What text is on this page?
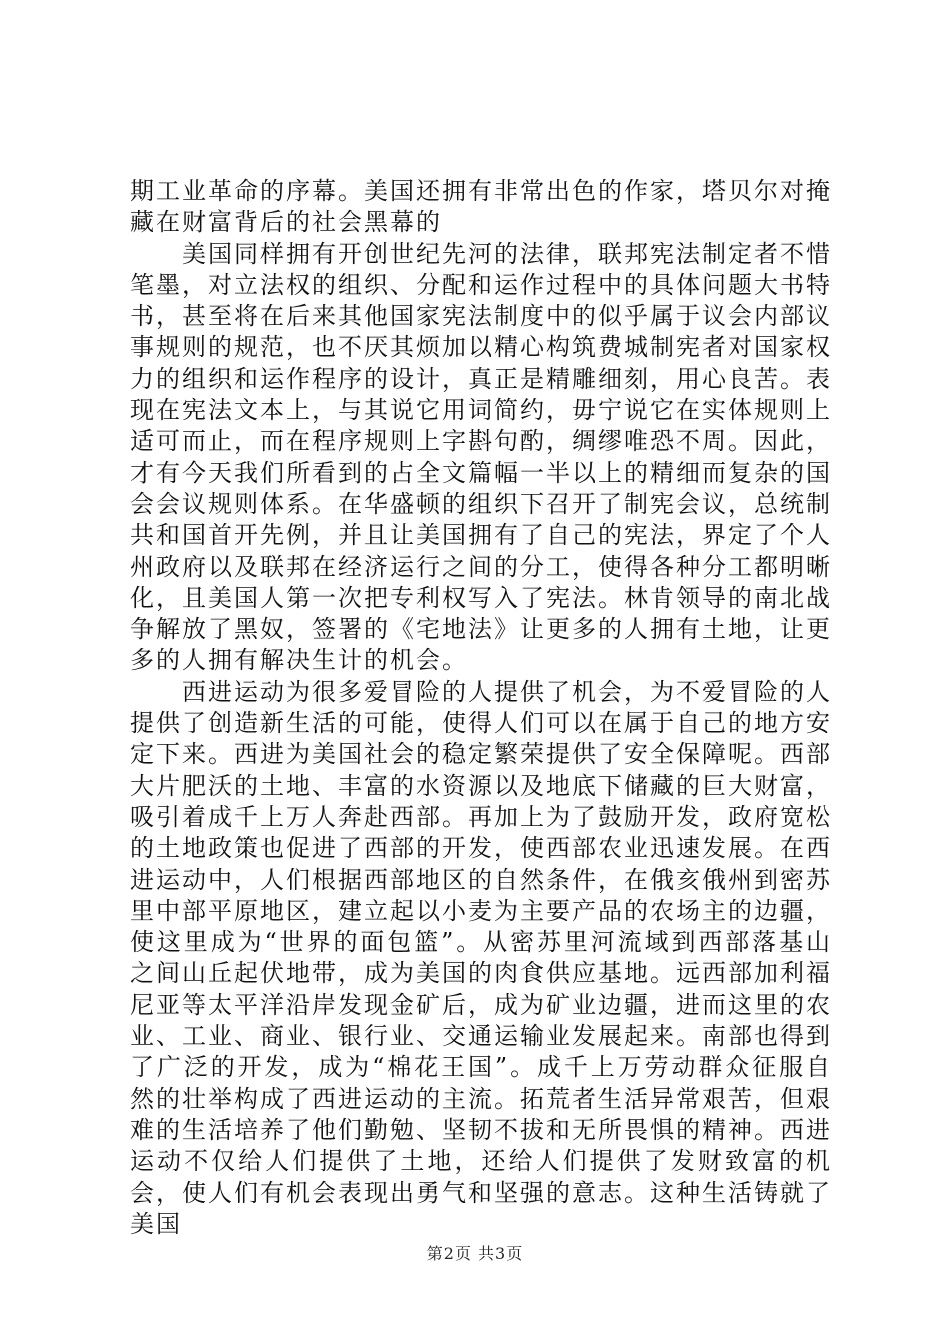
期工业革命的序幕。美国还拥有非常出色的作家，塔贝尔对掩藏在财富背后的社会黑幕的

美国同样拥有开创世纪先河的法律，联邦宪法制定者不惜笔墨，对立法权的组织、分配和运作过程中的具体问题大书特书，甚至将在后来其他国家宪法制度中的似乎属于议会内部议事规则的规范，也不厌其烦加以精心构筑费城制宪者对国家权力的组织和运作程序的设计，真正是精雕细刻，用心良苦。表现在宪法文本上，与其说它用词简约，毋宁说它在实体规则上适可而止，而在程序规则上字斟句酌，绸缪唯恐不周。因此，才有今天我们所看到的占全文篇幅一半以上的精细而复杂的国会会议规则体系。在华盛顿的组织下召开了制宪会议，总统制共和国首开先例，并且让美国拥有了自己的宪法，界定了个人州政府以及联邦在经济运行之间的分工，使得各种分工都明晰化，且美国人第一次把专利权写入了宪法。林肯领导的南北战争解放了黑奴，签署的《宅地法》让更多的人拥有土地，让更多的人拥有解决生计的机会。

西进运动为很多爱冒险的人提供了机会，为不爱冒险的人提供了创造新生活的可能，使得人们可以在属于自己的地方安定下来。西进为美国社会的稳定繁荣提供了安全保障呢。西部大片肥沃的土地、丰富的水资源以及地底下储藏的巨大财富，吸引着成千上万人奔赴西部。再加上为了鼓励开发，政府宽松的土地政策也促进了西部的开发，使西部农业迅速发展。在西进运动中，人们根据西部地区的自然条件，在俄亥俄州到密苏里中部平原地区，建立起以小麦为主要产品的农场主的边疆，使这里成为“世界的面包篮”。从密苏里河流域到西部落基山之间山丘起伏地带，成为美国的肉食供应基地。远西部加利福尼亚等太平洋沿岸发现金矿后，成为矿业边疆，进而这里的农业、工业、商业、银行业、交通运输业发展起来。南部也得到了广泛的开发，成为“棉花王国”。成千上万劳动群众征服自然的壮举构成了西进运动的主流。拓荒者生活异常艰苦，但艰难的生活培养了他们勤勉、坚韧不拔和无所畏惧的精神。西进运动不仅给人们提供了土地，还给人们提供了发财致富的机会，使人们有机会表现出勇气和坚强的意志。这种生活铸就了美国

第2页 共3页
